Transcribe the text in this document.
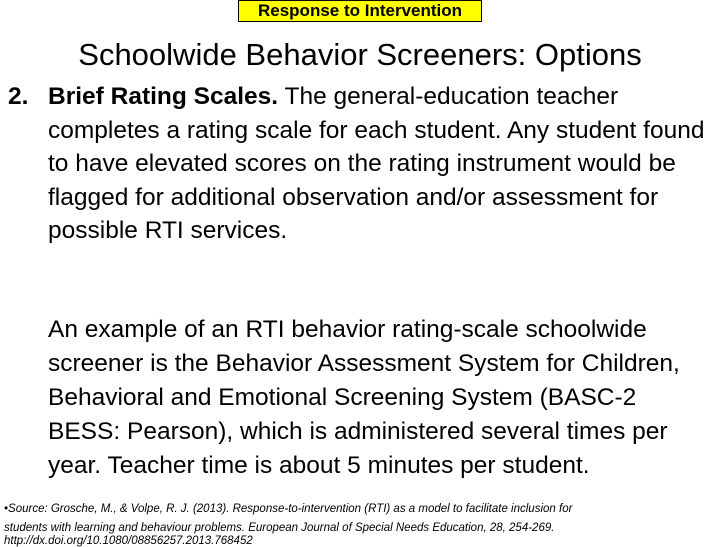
Response to Intervention
Schoolwide Behavior Screeners: Options
2. Brief Rating Scales. The general-education teacher completes a rating scale for each student. Any student found to have elevated scores on the rating instrument would be flagged for additional observation and/or assessment for possible RTI services.
An example of an RTI behavior rating-scale schoolwide screener is the Behavior Assessment System for Children, Behavioral and Emotional Screening System (BASC-2 BESS: Pearson), which is administered several times per year. Teacher time is about 5 minutes per student.
•Source: Grosche, M., & Volpe, R. J. (2013). Response-to-intervention (RTI) as a model to facilitate inclusion for
students with learning and behaviour problems. European Journal of Special Needs Education, 28, 254-269.
http://dx.doi.org/10.1080/08856257.2013.768452
